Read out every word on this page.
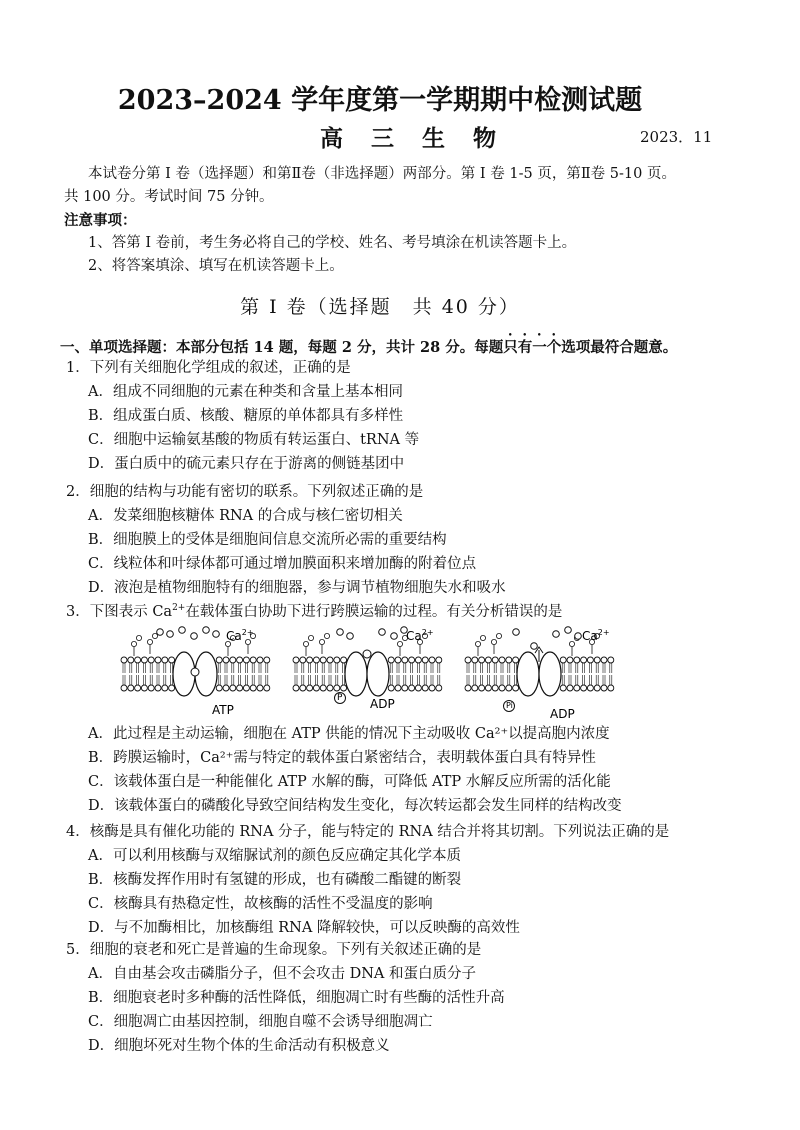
2023–2024 学年度第一学期期中检测试题
高 三 生 物	2023．11

本试卷分第 I 卷（选择题）和第Ⅱ卷（非选择题）两部分。第 I 卷 1-5 页，第Ⅱ卷 5-10 页。

共 100 分。考试时间 75 分钟。

注意事项：

1、答第 I 卷前，考生务必将自己的学校、姓名、考号填涂在机读答题卡上。

2、将答案填涂、填写在机读答题卡上。

第 I 卷（选择题　共 40 分）
一、单项选择题：本部分包括 14 题，每题 2 分，共计 28 分。每题只有一个选项最符合题意。

1．下列有关细胞化学组成的叙述，正确的是

A．组成不同细胞的元素在种类和含量上基本相同

B．组成蛋白质、核酸、糖原的单体都具有多样性

C．细胞中运输氨基酸的物质有转运蛋白、tRNA 等

D．蛋白质中的硫元素只存在于游离的侧链基团中

2．细胞的结构与功能有密切的联系。下列叙述正确的是

A．发菜细胞核糖体 RNA 的合成与核仁密切相关

B．细胞膜上的受体是细胞间信息交流所必需的重要结构

C．线粒体和叶绿体都可通过增加膜面积来增加酶的附着位点

D．液泡是植物细胞特有的细胞器，参与调节植物细胞失水和吸水

3．下图表示 $Ca^{2+}$在载体蛋白协助下进行跨膜运输的过程。有关分析错误的是

$Ca^{2+}$	$Ca^{2+}$	$Ca^{2+}$
ATP	ADP
ADP
P
Pi

A．此过程是主动运输，细胞在 ATP 供能的情况下主动吸收 Ca²⁺以提高胞内浓度

B．跨膜运输时，Ca²⁺需与特定的载体蛋白紧密结合，表明载体蛋白具有特异性

C．该载体蛋白是一种能催化 ATP 水解的酶，可降低 ATP 水解反应所需的活化能

D．该载体蛋白的磷酸化导致空间结构发生变化，每次转运都会发生同样的结构改变

4．核酶是具有催化功能的 RNA 分子，能与特定的 RNA 结合并将其切割。下列说法正确的是

A．可以利用核酶与双缩脲试剂的颜色反应确定其化学本质

B．核酶发挥作用时有氢键的形成，也有磷酸二酯键的断裂

C．核酶具有热稳定性，故核酶的活性不受温度的影响

D．与不加酶相比，加核酶组 RNA 降解较快，可以反映酶的高效性

5．细胞的衰老和死亡是普遍的生命现象。下列有关叙述正确的是

A．自由基会攻击磷脂分子，但不会攻击 DNA 和蛋白质分子

B．细胞衰老时多种酶的活性降低，细胞凋亡时有些酶的活性升高

C．细胞凋亡由基因控制，细胞自噬不会诱导细胞凋亡

D．细胞坏死对生物个体的生命活动有积极意义
